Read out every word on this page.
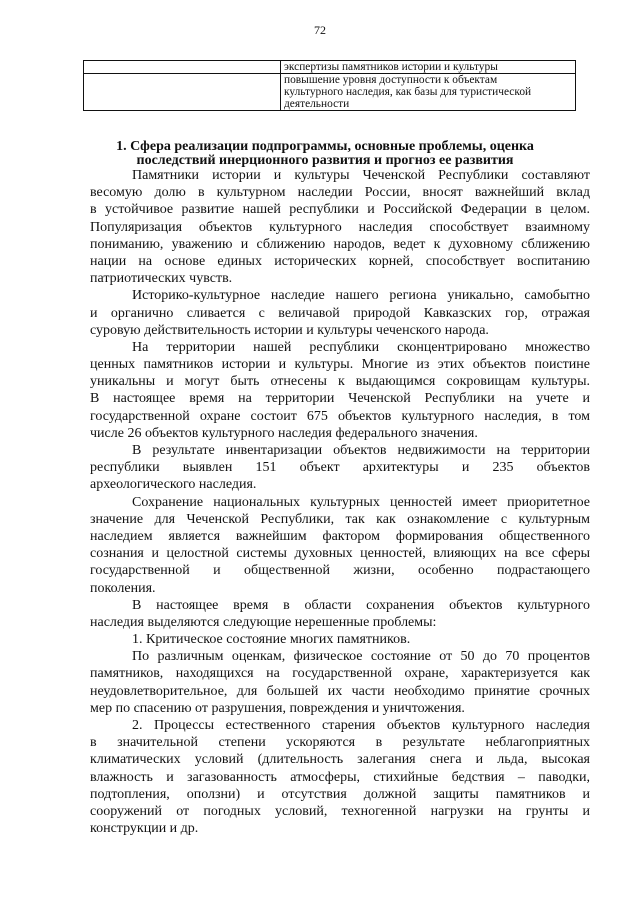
72

	экспертизы памятников истории и культуры

	повышение уровня доступности к объектам
культурного наследия, как базы для туристической
деятельности
1. Сфера реализации подпрограммы, основные проблемы, оценка
последствий инерционного развития и прогноз ее развития

Памятники истории и культуры Чеченской Республики составляют
весомую долю в культурном наследии России, вносят важнейший вклад
в устойчивое развитие нашей республики и Российской Федерации в целом.
Популяризация объектов культурного наследия способствует взаимному
пониманию, уважению и сближению народов, ведет к духовному сближению
нации на основе единых исторических корней, способствует воспитанию
патриотических чувств.

Историко-культурное наследие нашего региона уникально, самобытно
и органично сливается с величавой природой Кавказских гор, отражая
суровую действительность истории и культуры чеченского народа.

На территории нашей республики сконцентрировано множество
ценных памятников истории и культуры. Многие из этих объектов поистине
уникальны и могут быть отнесены к выдающимся сокровищам культуры.
В настоящее время на территории Чеченской Республики на учете и
государственной охране состоит 675 объектов культурного наследия, в том
числе 26 объектов культурного наследия федерального значения.

В результате инвентаризации объектов недвижимости на территории
республики выявлен 151 объект архитектуры и 235 объектов
археологического наследия.

Сохранение национальных культурных ценностей имеет приоритетное
значение для Чеченской Республики, так как ознакомление с культурным
наследием является важнейшим фактором формирования общественного
сознания и целостной системы духовных ценностей, влияющих на все сферы
государственной и общественной жизни, особенно подрастающего
поколения.

В настоящее время в области сохранения объектов культурного
наследия выделяются следующие нерешенные проблемы:

1. Критическое состояние многих памятников.

По различным оценкам, физическое состояние от 50 до 70 процентов
памятников, находящихся на государственной охране, характеризуется как
неудовлетворительное, для большей их части необходимо принятие срочных
мер по спасению от разрушения, повреждения и уничтожения.

2. Процессы естественного старения объектов культурного наследия
в значительной степени ускоряются в результате неблагоприятных
климатических условий (длительность залегания снега и льда, высокая
влажность и загазованность атмосферы, стихийные бедствия – паводки,
подтопления, оползни) и отсутствия должной защиты памятников и
сооружений от погодных условий, техногенной нагрузки на грунты и
конструкции и др.
